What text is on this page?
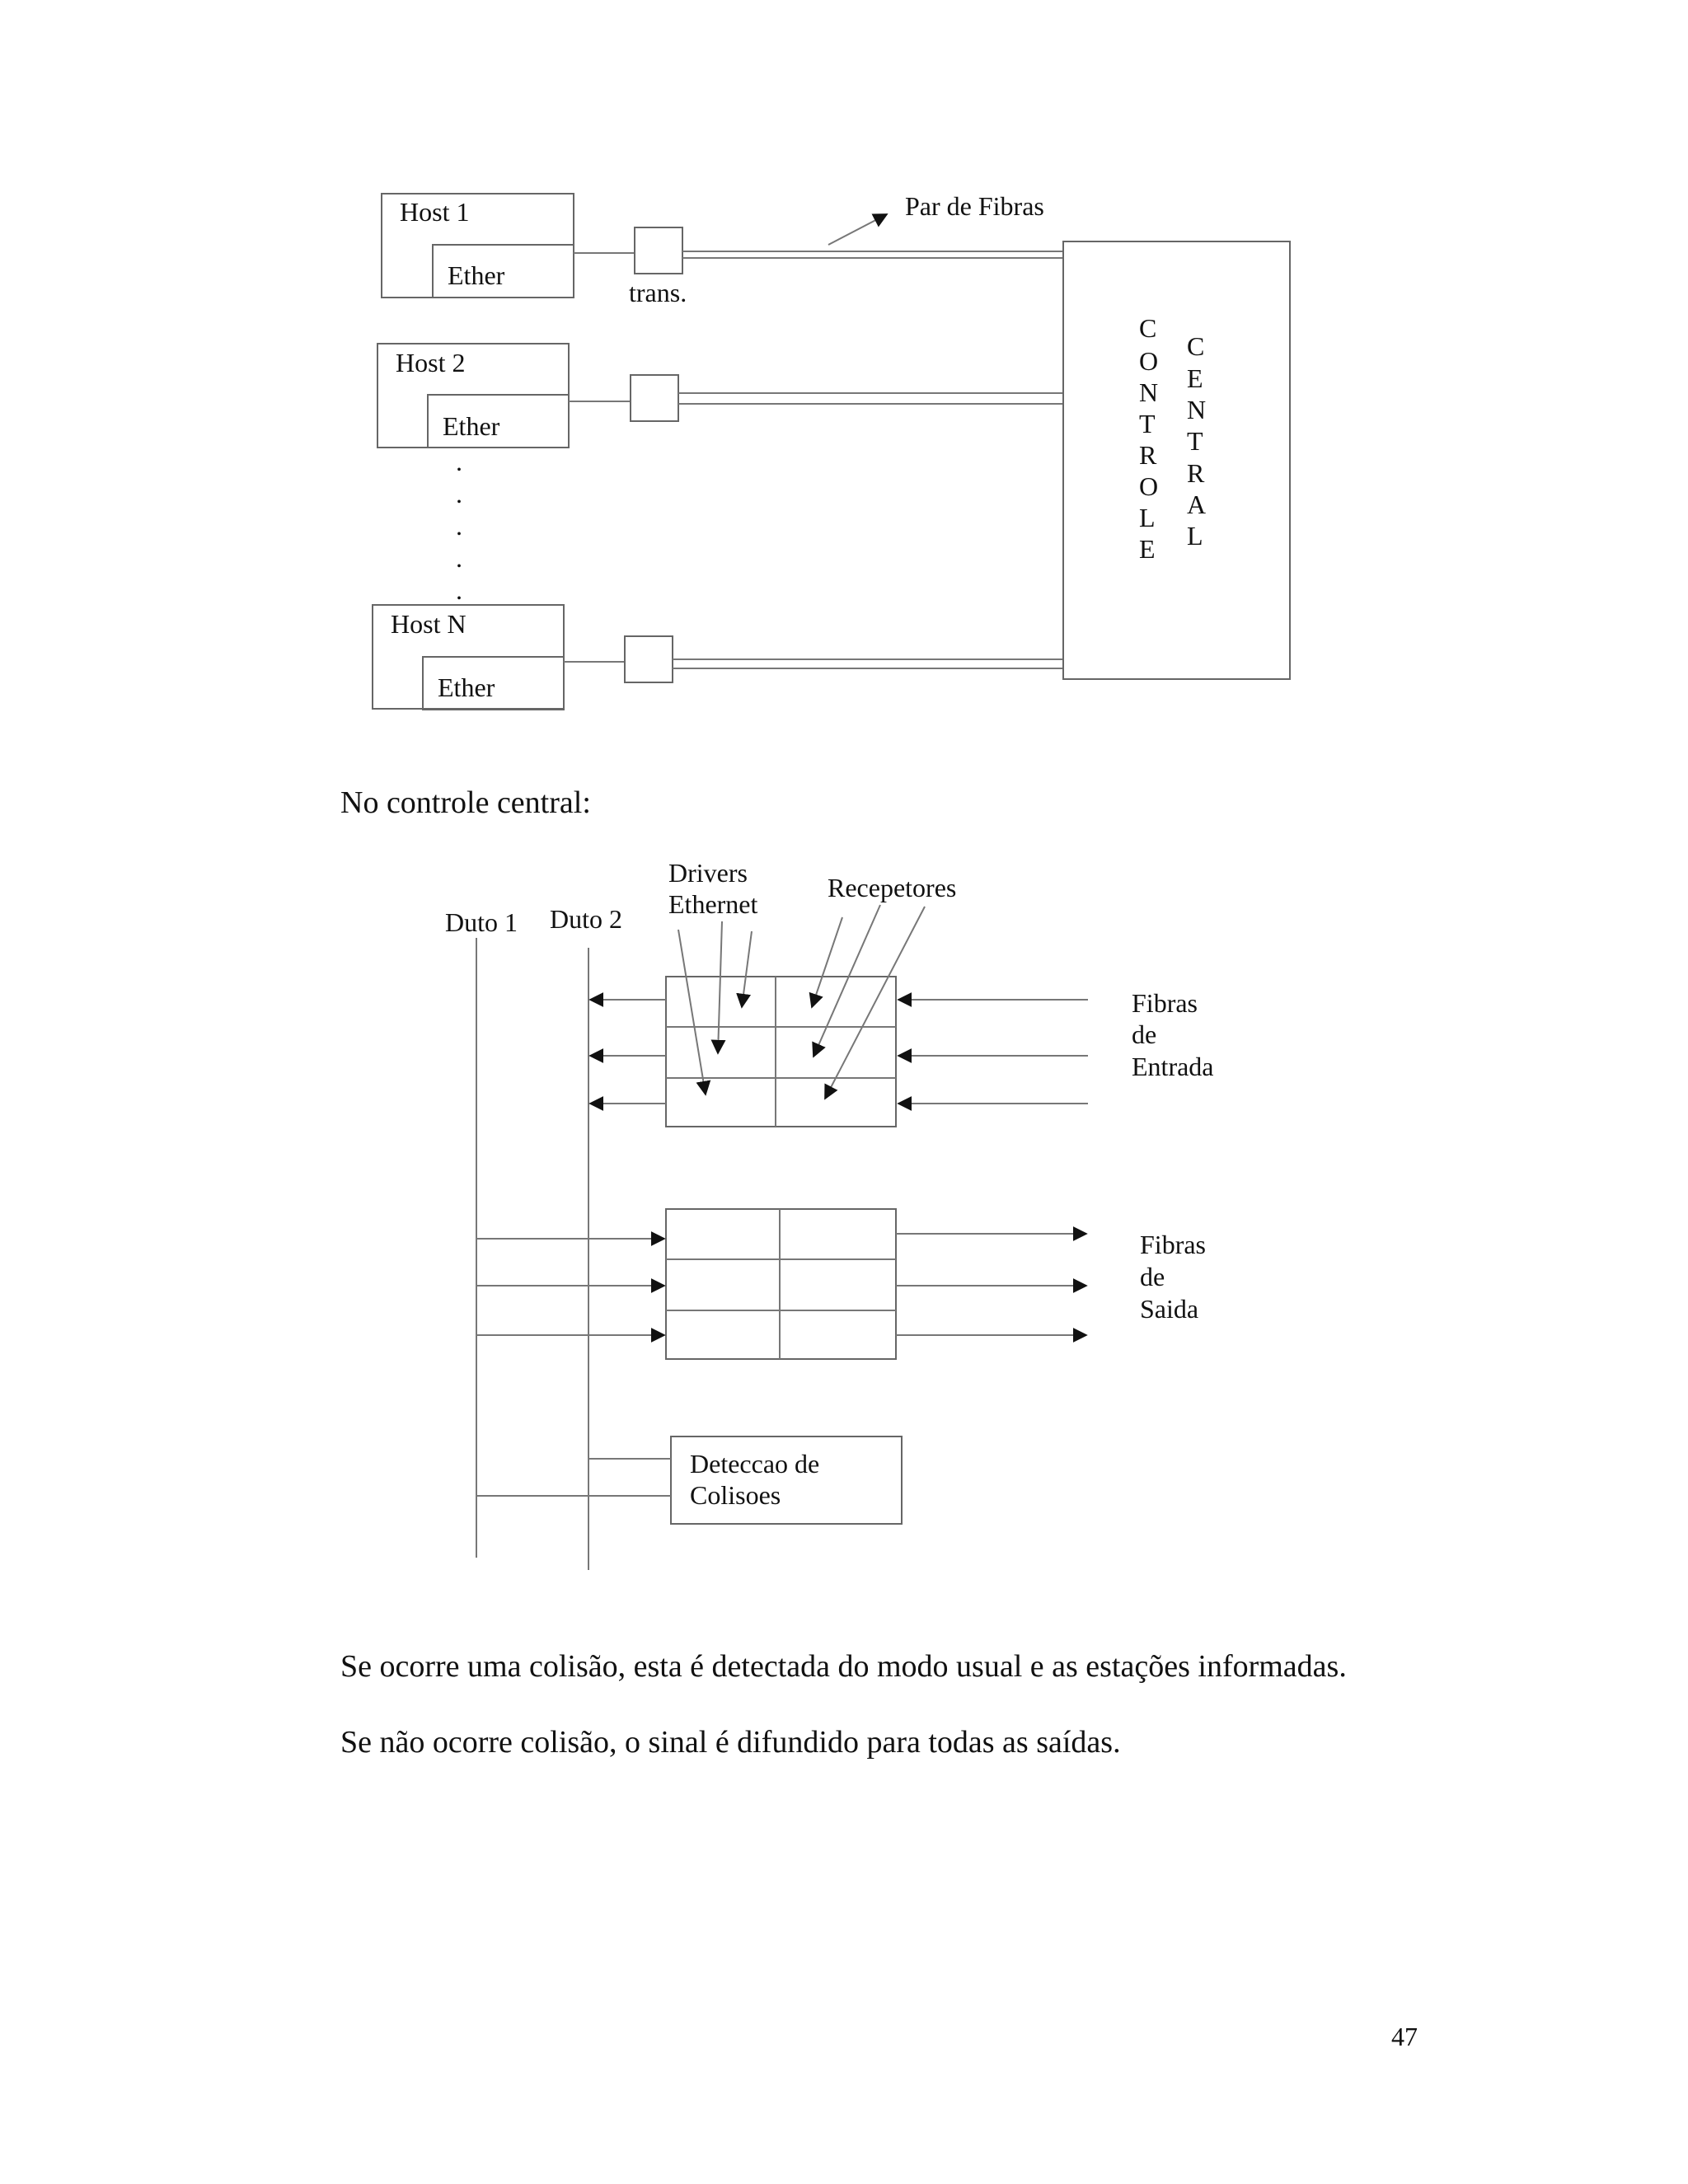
Host 1
Ether
trans.
Par de Fibras
Host 2
Ether
.
.
.
.
.
Host N
Ether
C
O
N
T
R
O
L
E
C
E
N
T
R
A
L

No controle central:

Duto 1 Duto 2
Drivers
Ethernet
Recepetores
Fibras
de
Entrada
Fibras
de
Saida
Deteccao de
Colisoes

Se ocorre uma colisão, esta é detectada do modo usual e as estações informadas.

Se não ocorre colisão, o sinal é difundido para todas as saídas.

47
